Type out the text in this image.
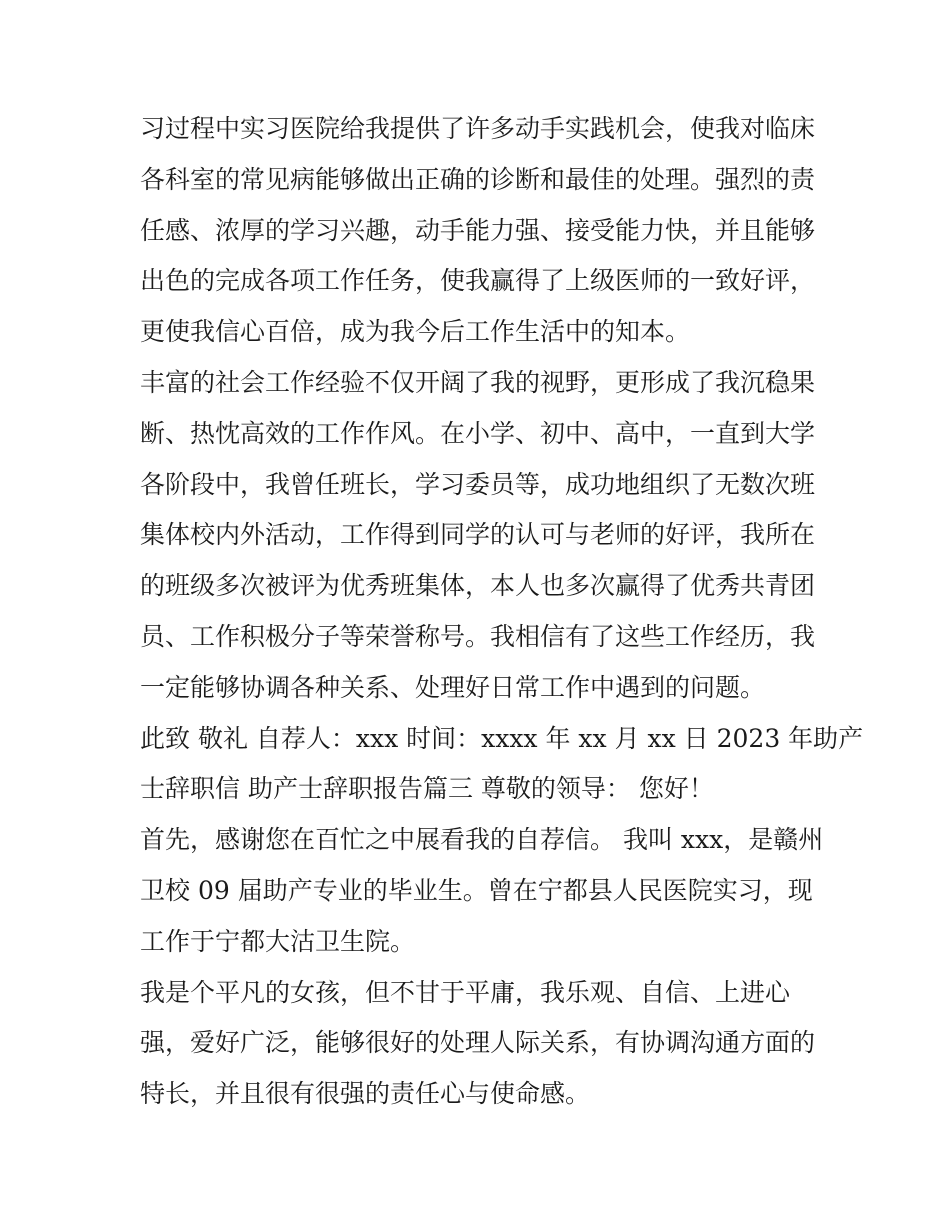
习过程中实习医院给我提供了许多动手实践机会，使我对临床
各科室的常见病能够做出正确的诊断和最佳的处理。强烈的责
任感、浓厚的学习兴趣，动手能力强、接受能力快，并且能够
出色的完成各项工作任务，使我赢得了上级医师的一致好评，
更使我信心百倍，成为我今后工作生活中的知本。

丰富的社会工作经验不仅开阔了我的视野，更形成了我沉稳果
断、热忱高效的工作作风。在小学、初中、高中，一直到大学
各阶段中，我曾任班长，学习委员等，成功地组织了无数次班
集体校内外活动，工作得到同学的认可与老师的好评，我所在
的班级多次被评为优秀班集体，本人也多次赢得了优秀共青团
员、工作积极分子等荣誉称号。我相信有了这些工作经历，我
一定能够协调各种关系、处理好日常工作中遇到的问题。

此致 敬礼 自荐人：xxx 时间：xxxx 年 xx 月 xx 日 2023 年助产
士辞职信 助产士辞职报告篇三 尊敬的领导： 您好！

首先，感谢您在百忙之中展看我的自荐信。 我叫 xxx，是赣州
卫校 09 届助产专业的毕业生。曾在宁都县人民医院实习，现
工作于宁都大沽卫生院。

我是个平凡的女孩，但不甘于平庸，我乐观、自信、上进心
强，爱好广泛，能够很好的处理人际关系，有协调沟通方面的
特长，并且很有很强的责任心与使命感。
